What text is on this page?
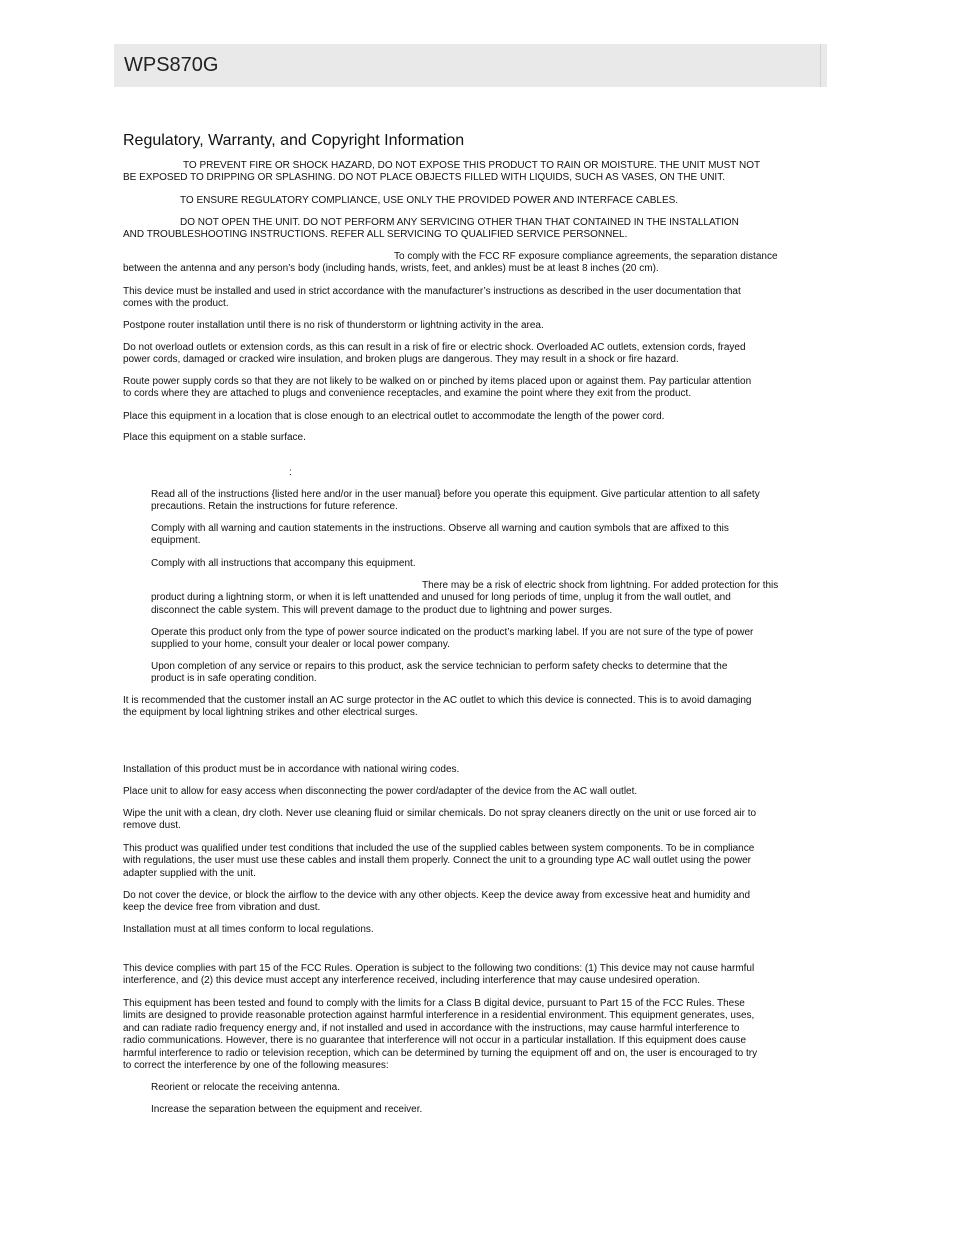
WPS870G
Regulatory, Warranty, and Copyright Information
TO PREVENT FIRE OR SHOCK HAZARD, DO NOT EXPOSE THIS PRODUCT TO RAIN OR MOISTURE. THE UNIT MUST NOT
BE EXPOSED TO DRIPPING OR SPLASHING. DO NOT PLACE OBJECTS FILLED WITH LIQUIDS, SUCH AS VASES, ON THE UNIT.
TO ENSURE REGULATORY COMPLIANCE, USE ONLY THE PROVIDED POWER AND INTERFACE CABLES.
DO NOT OPEN THE UNIT. DO NOT PERFORM ANY SERVICING OTHER THAN THAT CONTAINED IN THE INSTALLATION
AND TROUBLESHOOTING INSTRUCTIONS. REFER ALL SERVICING TO QUALIFIED SERVICE PERSONNEL.
To comply with the FCC RF exposure compliance agreements, the separation distance
between the antenna and any person’s body (including hands, wrists, feet, and ankles) must be at least 8 inches (20 cm).
This device must be installed and used in strict accordance with the manufacturer’s instructions as described in the user documentation that
comes with the product.
Postpone router installation until there is no risk of thunderstorm or lightning activity in the area.
Do not overload outlets or extension cords, as this can result in a risk of fire or electric shock. Overloaded AC outlets, extension cords, frayed
power cords, damaged or cracked wire insulation, and broken plugs are dangerous. They may result in a shock or fire hazard.
Route power supply cords so that they are not likely to be walked on or pinched by items placed upon or against them. Pay particular attention
to cords where they are attached to plugs and convenience receptacles, and examine the point where they exit from the product.
Place this equipment in a location that is close enough to an electrical outlet to accommodate the length of the power cord.
Place this equipment on a stable surface.
:
Read all of the instructions {listed here and/or in the user manual} before you operate this equipment. Give particular attention to all safety
precautions. Retain the instructions for future reference.
Comply with all warning and caution statements in the instructions. Observe all warning and caution symbols that are affixed to this
equipment.
Comply with all instructions that accompany this equipment.
There may be a risk of electric shock from lightning. For added protection for this
product during a lightning storm, or when it is left unattended and unused for long periods of time, unplug it from the wall outlet, and
disconnect the cable system. This will prevent damage to the product due to lightning and power surges.
Operate this product only from the type of power source indicated on the product’s marking label. If you are not sure of the type of power
supplied to your home, consult your dealer or local power company.
Upon completion of any service or repairs to this product, ask the service technician to perform safety checks to determine that the
product is in safe operating condition.
It is recommended that the customer install an AC surge protector in the AC outlet to which this device is connected. This is to avoid damaging
the equipment by local lightning strikes and other electrical surges.
Installation of this product must be in accordance with national wiring codes.
Place unit to allow for easy access when disconnecting the power cord/adapter of the device from the AC wall outlet.
Wipe the unit with a clean, dry cloth. Never use cleaning fluid or similar chemicals. Do not spray cleaners directly on the unit or use forced air to
remove dust.
This product was qualified under test conditions that included the use of the supplied cables between system components. To be in compliance
with regulations, the user must use these cables and install them properly. Connect the unit to a grounding type AC wall outlet using the power
adapter supplied with the unit.
Do not cover the device, or block the airflow to the device with any other objects. Keep the device away from excessive heat and humidity and
keep the device free from vibration and dust.
Installation must at all times conform to local regulations.
This device complies with part 15 of the FCC Rules. Operation is subject to the following two conditions: (1) This device may not cause harmful
interference, and (2) this device must accept any interference received, including interference that may cause undesired operation.
This equipment has been tested and found to comply with the limits for a Class B digital device, pursuant to Part 15 of the FCC Rules. These
limits are designed to provide reasonable protection against harmful interference in a residential environment. This equipment generates, uses,
and can radiate radio frequency energy and, if not installed and used in accordance with the instructions, may cause harmful interference to
radio communications. However, there is no guarantee that interference will not occur in a particular installation. If this equipment does cause
harmful interference to radio or television reception, which can be determined by turning the equipment off and on, the user is encouraged to try
to correct the interference by one of the following measures:
Reorient or relocate the receiving antenna.
Increase the separation between the equipment and receiver.
